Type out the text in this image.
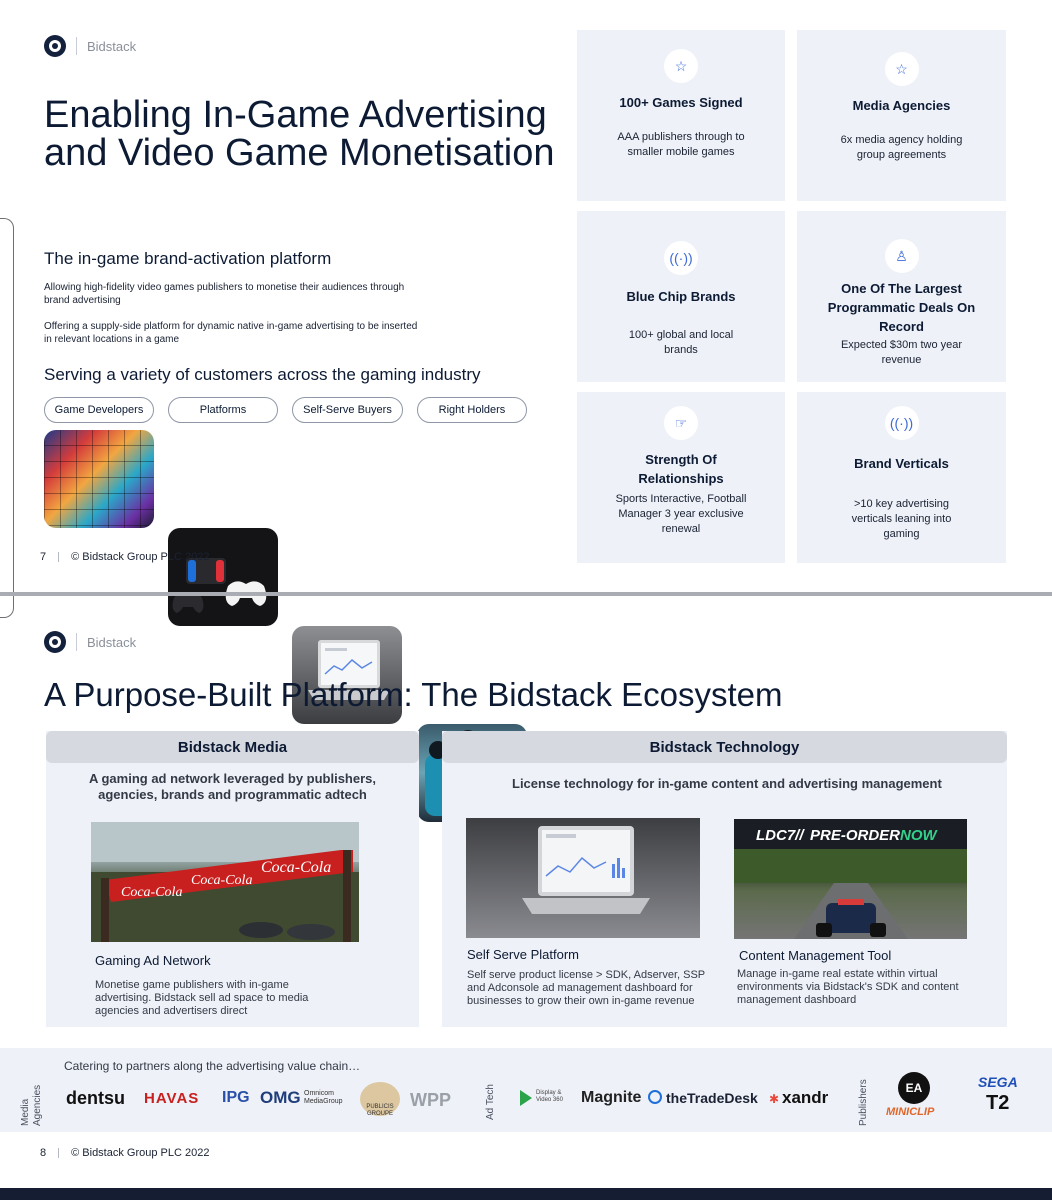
Bidstack
Enabling In-Game Advertising and Video Game Monetisation
The in-game brand-activation platform
Allowing high-fidelity video games publishers to monetise their audiences through brand advertising
Offering a supply-side platform for dynamic native in-game advertising to be inserted in relevant locations in a game
Serving a variety of customers across the gaming industry
Game Developers	Platforms	Self-Serve Buyers	Right Holders
☆
100+ Games Signed
AAA publishers through to smaller mobile games
☆
Media Agencies
6x media agency holding group agreements
((·))
Blue Chip Brands
100+ global and local brands
♙
One Of The Largest Programmatic Deals On Record
Expected $30m two year revenue
☞
Strength Of Relationships
Sports Interactive, Football Manager 3 year exclusive renewal
((·))
Brand Verticals
>10 key advertising verticals leaning into gaming
7 © Bidstack Group PLC 2022
Bidstack
A Purpose-Built Platform: The Bidstack Ecosystem
Bidstack Media
A gaming ad network leveraged by publishers, agencies, brands and programmatic adtech
Coca-Cola
Coca-Cola
Coca-Cola
Gaming Ad Network
Monetise game publishers with in-game advertising. Bidstack sell ad space to media agencies and advertisers direct
Bidstack Technology
License technology for in-game content and advertising management
LDC7// PRE-ORDER NOW
Self Serve Platform
Self serve product license > SDK, Adserver, SSP and Adconsole ad management dashboard for businesses to grow their own in-game revenue
Content Management Tool
Manage in-game real estate within virtual environments via Bidstack's SDK and content management dashboard
Catering to partners along the advertising value chain…
Media Agencies dentsu HAVAS IPG OMG Omnicom MediaGroup
PUBLICIS GROUPE
WPP	Ad Tech	Display & Video 360	Magnite theTradeDesk ✱ xandr	Publishers	EA
MINICLIP
SEGA
T2
8 © Bidstack Group PLC 2022
